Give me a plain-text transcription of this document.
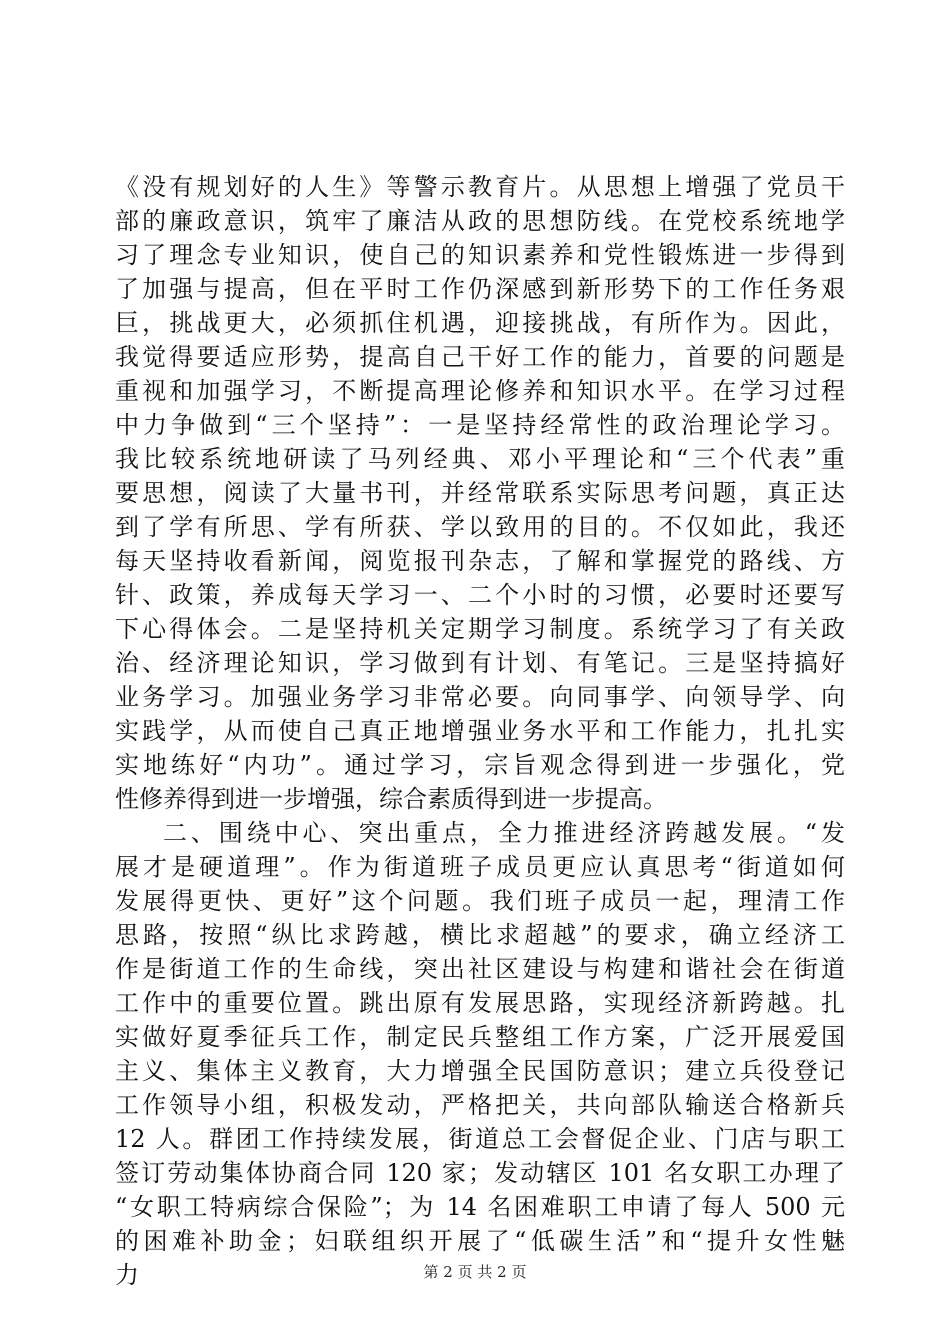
《没有规划好的人生》等警示教育片。从思想上增强了党员干
部的廉政意识，筑牢了廉洁从政的思想防线。在党校系统地学
习了理念专业知识，使自己的知识素养和党性锻炼进一步得到
了加强与提高，但在平时工作仍深感到新形势下的工作任务艰
巨，挑战更大，必须抓住机遇，迎接挑战，有所作为。因此，
我觉得要适应形势，提高自己干好工作的能力，首要的问题是
重视和加强学习，不断提高理论修养和知识水平。在学习过程
中力争做到“三个坚持”：一是坚持经常性的政治理论学习。
我比较系统地研读了马列经典、邓小平理论和“三个代表”重
要思想，阅读了大量书刊，并经常联系实际思考问题，真正达
到了学有所思、学有所获、学以致用的目的。不仅如此，我还
每天坚持收看新闻，阅览报刊杂志，了解和掌握党的路线、方
针、政策，养成每天学习一、二个小时的习惯，必要时还要写
下心得体会。二是坚持机关定期学习制度。系统学习了有关政
治、经济理论知识，学习做到有计划、有笔记。三是坚持搞好
业务学习。加强业务学习非常必要。向同事学、向领导学、向
实践学，从而使自己真正地增强业务水平和工作能力，扎扎实
实地练好“内功”。通过学习，宗旨观念得到进一步强化，党
性修养得到进一步增强，综合素质得到进一步提高。
二、围绕中心、突出重点，全力推进经济跨越发展。“发
展才是硬道理”。作为街道班子成员更应认真思考“街道如何
发展得更快、更好”这个问题。我们班子成员一起，理清工作
思路，按照“纵比求跨越，横比求超越”的要求，确立经济工
作是街道工作的生命线，突出社区建设与构建和谐社会在街道
工作中的重要位置。跳出原有发展思路，实现经济新跨越。扎
实做好夏季征兵工作，制定民兵整组工作方案，广泛开展爱国
主义、集体主义教育，大力增强全民国防意识；建立兵役登记
工作领导小组，积极发动，严格把关，共向部队输送合格新兵
12 人。群团工作持续发展，街道总工会督促企业、门店与职工
签订劳动集体协商合同 120 家；发动辖区 101 名女职工办理了
“女职工特病综合保险”；为 14 名困难职工申请了每人 500 元
的困难补助金；妇联组织开展了“低碳生活”和“提升女性魅
力	第 2 页 共 2 页
